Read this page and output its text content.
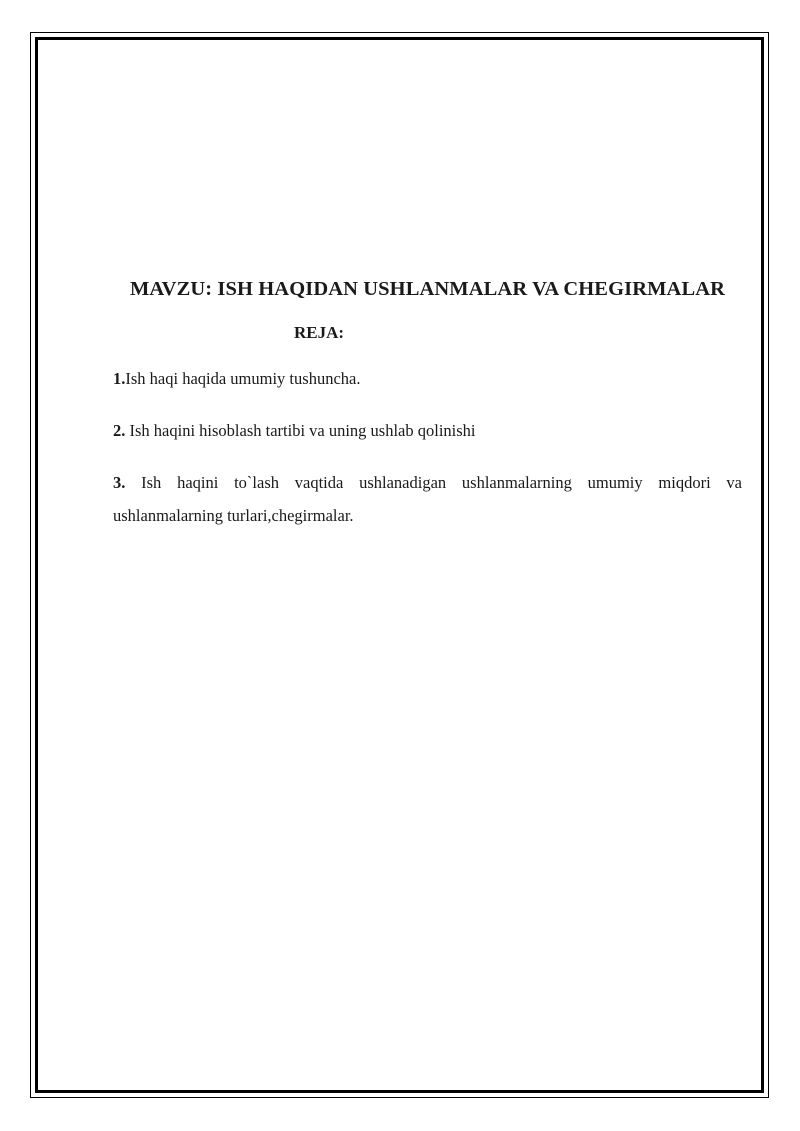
MAVZU: ISH HAQIDAN USHLANMALAR VA CHEGIRMALAR
REJA:

1.Ish haqi haqida umumiy tushuncha.

2. Ish haqini hisoblash tartibi va uning ushlab qolinishi

3. Ish haqini to`lash vaqtida ushlanadigan ushlanmalarning umumiy miqdori va ushlanmalarning turlari,chegirmalar.
